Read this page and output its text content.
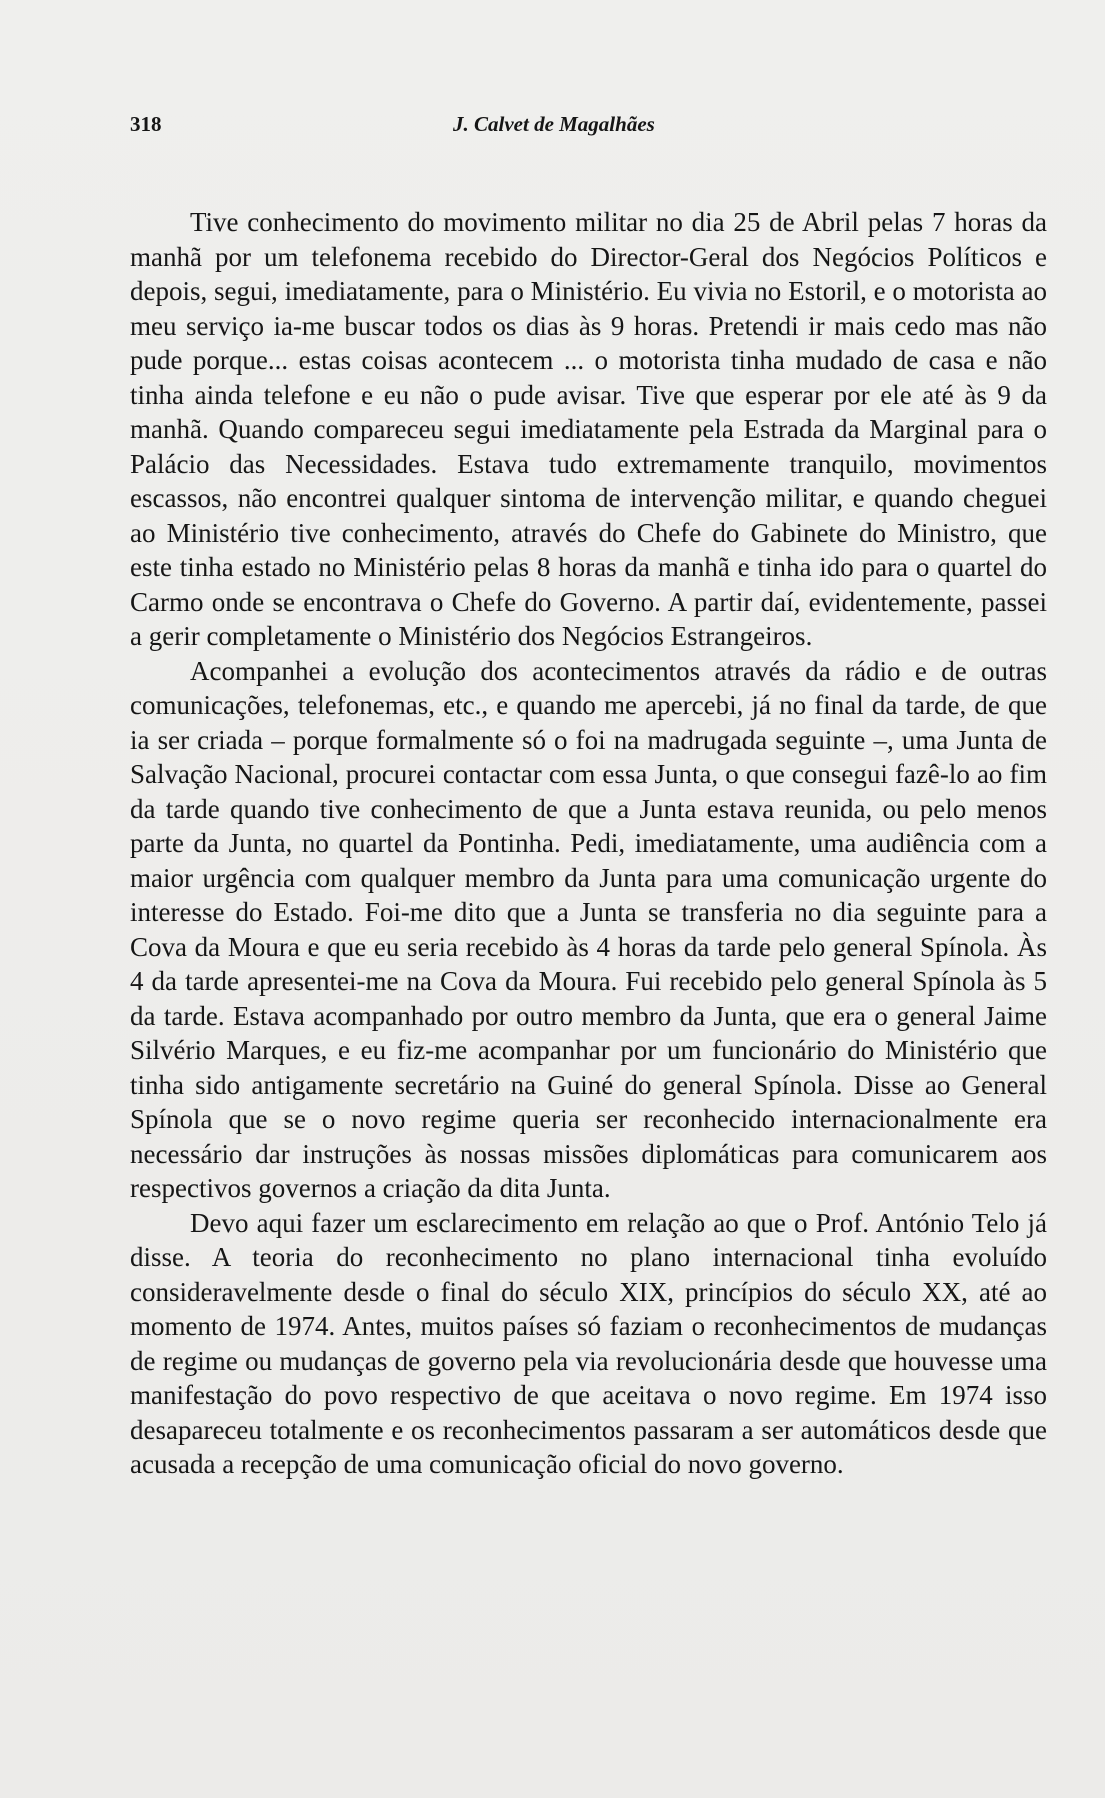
318	J. Calvet de Magalhães

Tive conhecimento do movimento militar no dia 25 de Abril pelas 7 horas da manhã por um telefonema recebido do Director-Geral dos Negócios Políticos e depois, segui, imediatamente, para o Ministério. Eu vivia no Estoril, e o motorista ao meu serviço ia-me buscar todos os dias às 9 horas. Pretendi ir mais cedo mas não pude porque... estas coisas acontecem ... o motorista tinha mudado de casa e não tinha ainda telefone e eu não o pude avisar. Tive que esperar por ele até às 9 da manhã. Quando compareceu segui imediatamente pela Estrada da Marginal para o Palácio das Necessidades. Estava tudo extremamente tranquilo, movimentos escassos, não encontrei qualquer sintoma de intervenção militar, e quando cheguei ao Ministério tive conhecimento, através do Chefe do Gabinete do Ministro, que este tinha estado no Ministério pelas 8 horas da manhã e tinha ido para o quartel do Carmo onde se encontrava o Chefe do Governo. A partir daí, evidentemente, passei a gerir completamente o Ministério dos Negócios Estrangeiros.

Acompanhei a evolução dos acontecimentos através da rádio e de outras comunicações, telefonemas, etc., e quando me apercebi, já no final da tarde, de que ia ser criada – porque formalmente só o foi na madrugada seguinte –, uma Junta de Salvação Nacional, procurei contactar com essa Junta, o que consegui fazê-lo ao fim da tarde quando tive conhecimento de que a Junta estava reunida, ou pelo menos parte da Junta, no quartel da Pontinha. Pedi, imediatamente, uma audiência com a maior urgência com qualquer membro da Junta para uma comunicação urgente do interesse do Estado. Foi-me dito que a Junta se transferia no dia seguinte para a Cova da Moura e que eu seria recebido às 4 horas da tarde pelo general Spínola. Às 4 da tarde apresentei-me na Cova da Moura. Fui recebido pelo general Spínola às 5 da tarde. Estava acompanhado por outro membro da Junta, que era o general Jaime Silvério Marques, e eu fiz-me acompanhar por um funcionário do Ministério que tinha sido antigamente secretário na Guiné do general Spínola. Disse ao General Spínola que se o novo regime queria ser reconhecido internacionalmente era necessário dar instruções às nossas missões diplomáticas para comunicarem aos respectivos governos a criação da dita Junta.

Devo aqui fazer um esclarecimento em relação ao que o Prof. António Telo já disse. A teoria do reconhecimento no plano internacional tinha evoluído consideravelmente desde o final do século XIX, princípios do século XX, até ao momento de 1974. Antes, muitos países só faziam o reconhecimentos de mudanças de regime ou mudanças de governo pela via revolucionária desde que houvesse uma manifestação do povo respectivo de que aceitava o novo regime. Em 1974 isso desapareceu totalmente e os reconhecimentos passaram a ser automáticos desde que acusada a recepção de uma comunicação oficial do novo governo.
